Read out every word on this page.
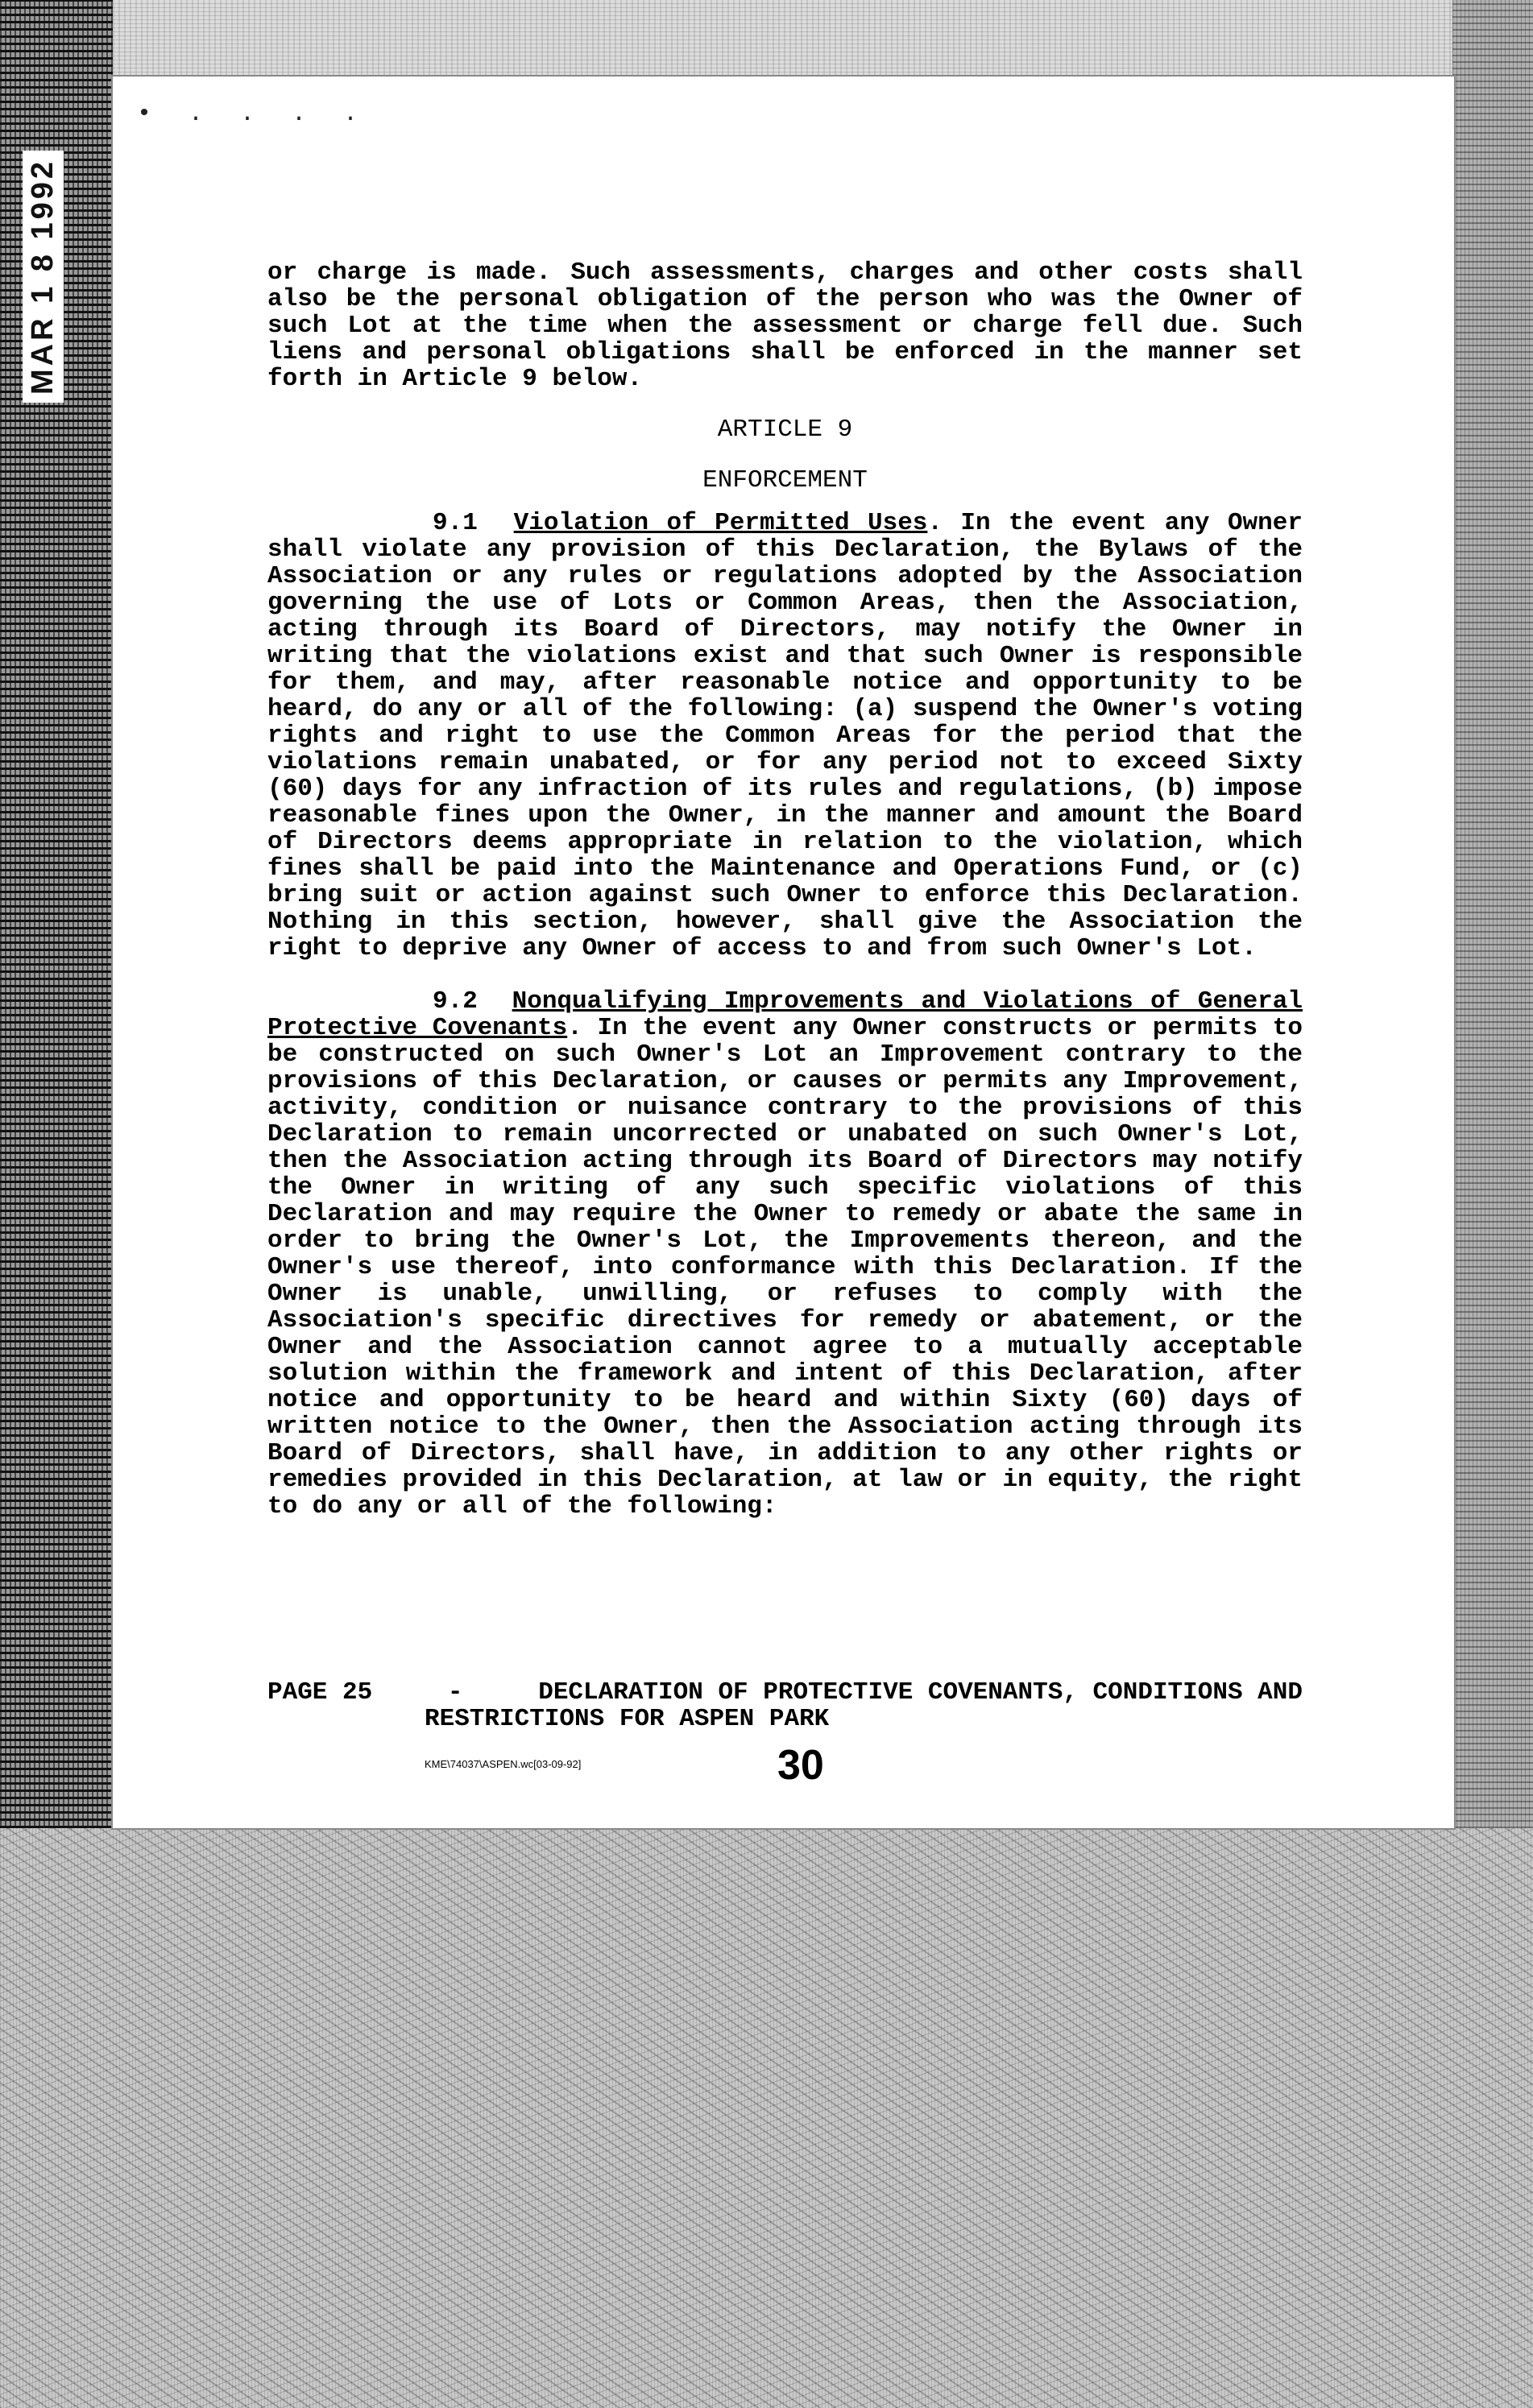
MAR 1 8 1992
• . . . .

or charge is made. Such assessments, charges and other costs shall also be the personal obligation of the person who was the Owner of such Lot at the time when the assessment or charge fell due. Such liens and personal obligations shall be enforced in the manner set forth in Article 9 below.

ARTICLE 9

ENFORCEMENT

9.1 Violation of Permitted Uses. In the event any Owner shall violate any provision of this Declaration, the Bylaws of the Association or any rules or regulations adopted by the Association governing the use of Lots or Common Areas, then the Association, acting through its Board of Directors, may notify the Owner in writing that the violations exist and that such Owner is responsible for them, and may, after reasonable notice and opportunity to be heard, do any or all of the following: (a) suspend the Owner's voting rights and right to use the Common Areas for the period that the violations remain unabated, or for any period not to exceed Sixty (60) days for any infraction of its rules and regulations, (b) impose reasonable fines upon the Owner, in the manner and amount the Board of Directors deems appropriate in relation to the violation, which fines shall be paid into the Maintenance and Operations Fund, or (c) bring suit or action against such Owner to enforce this Declaration. Nothing in this section, however, shall give the Association the right to deprive any Owner of access to and from such Owner's Lot.

9.2 Nonqualifying Improvements and Violations of General Protective Covenants. In the event any Owner constructs or permits to be constructed on such Owner's Lot an Improvement contrary to the provisions of this Declaration, or causes or permits any Improvement, activity, condition or nuisance contrary to the provisions of this Declaration to remain uncorrected or unabated on such Owner's Lot, then the Association acting through its Board of Directors may notify the Owner in writing of any such specific violations of this Declaration and may require the Owner to remedy or abate the same in order to bring the Owner's Lot, the Improvements thereon, and the Owner's use thereof, into conformance with this Declaration. If the Owner is unable, unwilling, or refuses to comply with the Association's specific directives for remedy or abatement, or the Owner and the Association cannot agree to a mutually acceptable solution within the framework and intent of this Declaration, after notice and opportunity to be heard and within Sixty (60) days of written notice to the Owner, then the Association acting through its Board of Directors, shall have, in addition to any other rights or remedies provided in this Declaration, at law or in equity, the right to do any or all of the following:

PAGE 25	-	DECLARATION OF PROTECTIVE COVENANTS, CONDITIONS AND
RESTRICTIONS FOR ASPEN PARK
KME\74037\ASPEN.wc[03-09-92]	30
